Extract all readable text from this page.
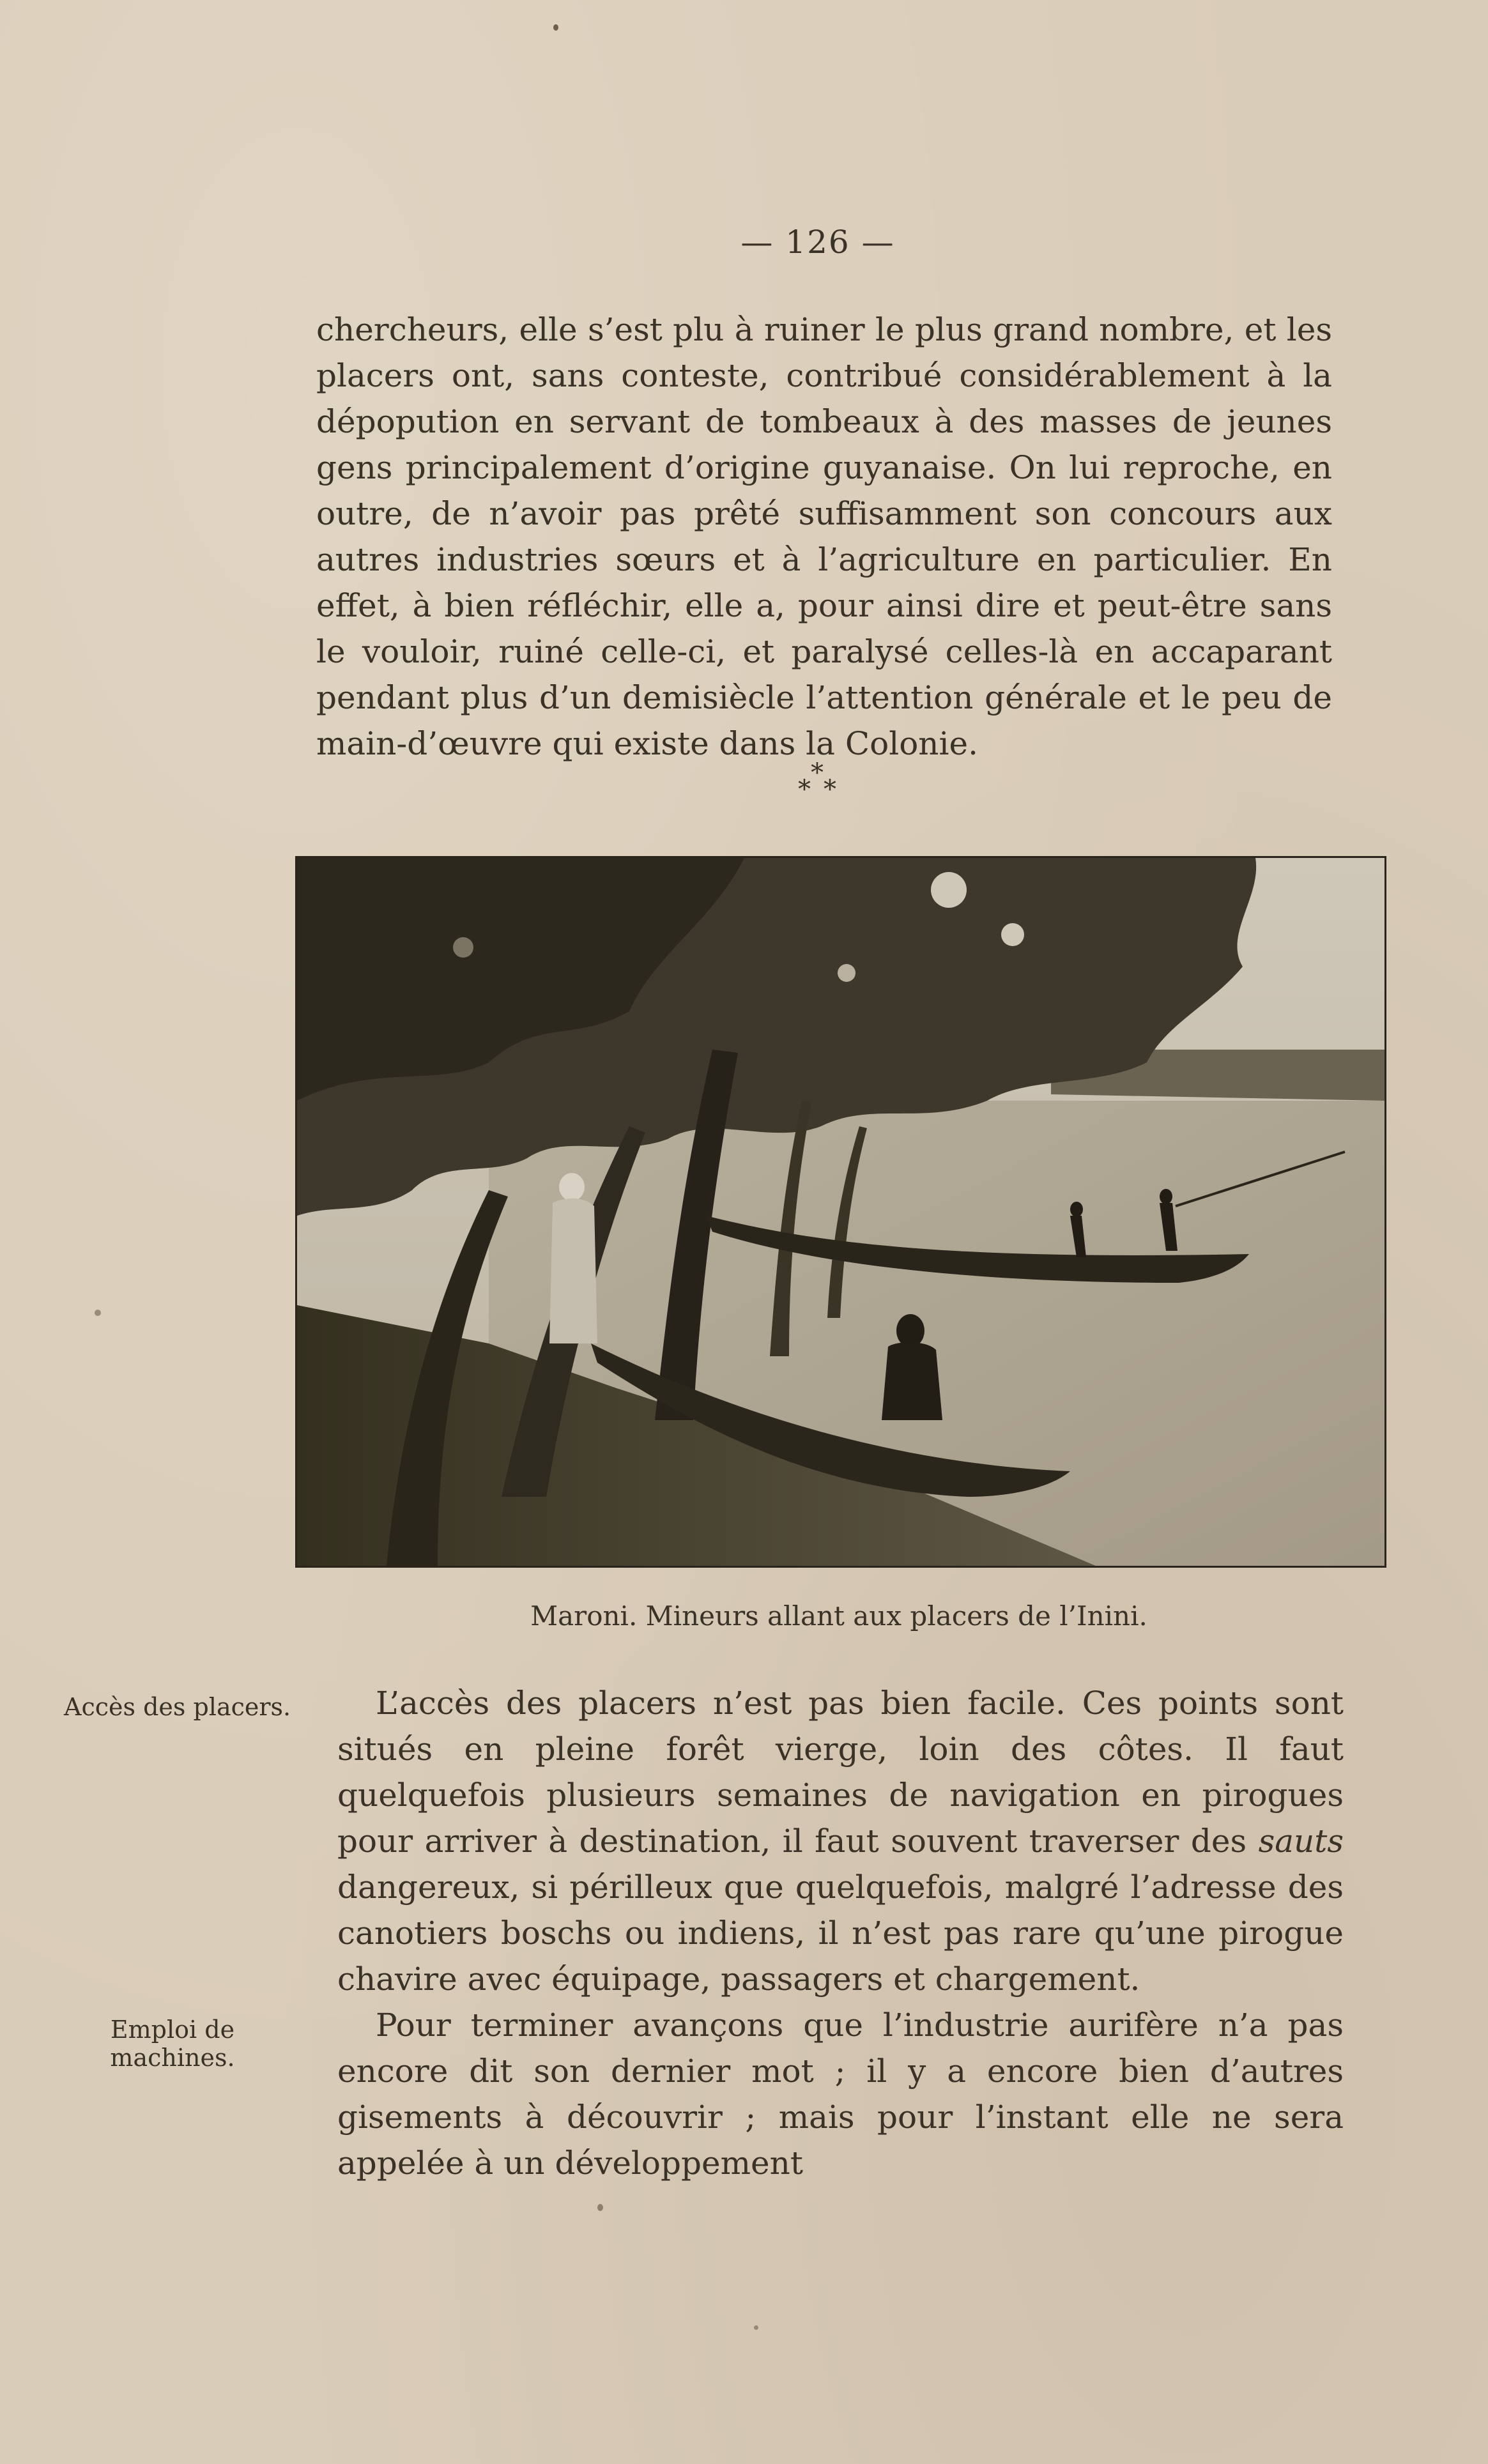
— 126 —

chercheurs, elle s’est plu à ruiner le plus grand nombre, et les placers ont, sans conteste, contribué considérablement à la dépopution en servant de tombeaux à des masses de jeunes gens principalement d’origine guyanaise. On lui reproche, en outre, de n’avoir pas prêté suffisamment son concours aux autres industries sœurs et à l’agriculture en particulier. En effet, à bien réfléchir, elle a, pour ainsi dire et peut-être sans le vouloir, ruiné celle-ci, et paralysé celles-là en accaparant pendant plus d’un demisiècle l’attention générale et le peu de main-d’œuvre qui existe dans la Colonie.

*
* *
Maroni. Mineurs allant aux placers de l’Inini.
Accès des placers.
Emploi de machines.

L’accès des placers n’est pas bien facile. Ces points sont situés en pleine forêt vierge, loin des côtes. Il faut quelquefois plusieurs semaines de navigation en pirogues pour arriver à destination, il faut souvent traverser des sauts dangereux, si périlleux que quelquefois, malgré l’adresse des canotiers boschs ou indiens, il n’est pas rare qu’une pirogue chavire avec équipage, passagers et chargement.

Pour terminer avançons que l’industrie aurifère n’a pas encore dit son dernier mot ; il y a encore bien d’autres gisements à découvrir ; mais pour l’instant elle ne sera appelée à un développement
